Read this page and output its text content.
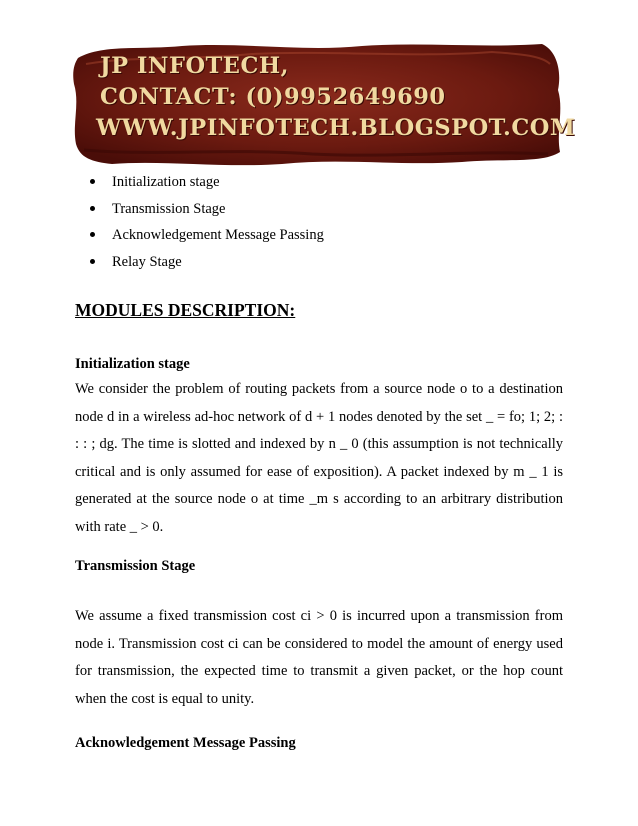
JP INFOTECH,
CONTACT: (0)9952649690
WWW.JPINFOTECH.BLOGSPOT.COM
Initialization stage
Transmission Stage
Acknowledgement Message Passing
Relay Stage
MODULES DESCRIPTION:
Initialization stage
We consider the problem of routing packets from a source node o to a destination
node d in a wireless ad-hoc network of d + 1 nodes denoted by the set _ = fo; 1; 2; :
: : ; dg. The time is slotted and indexed by n _ 0 (this assumption is not technically
critical and is only assumed for ease of exposition). A packet indexed by m _ 1 is
generated at the source node o at time _m s according to an arbitrary distribution
with rate _ > 0.
Transmission Stage
We assume a fixed transmission cost ci > 0 is incurred upon a transmission from
node i. Transmission cost ci can be considered to model the amount of energy used
for transmission, the expected time to transmit a given packet, or the hop count
when the cost is equal to unity.
Acknowledgement Message Passing
